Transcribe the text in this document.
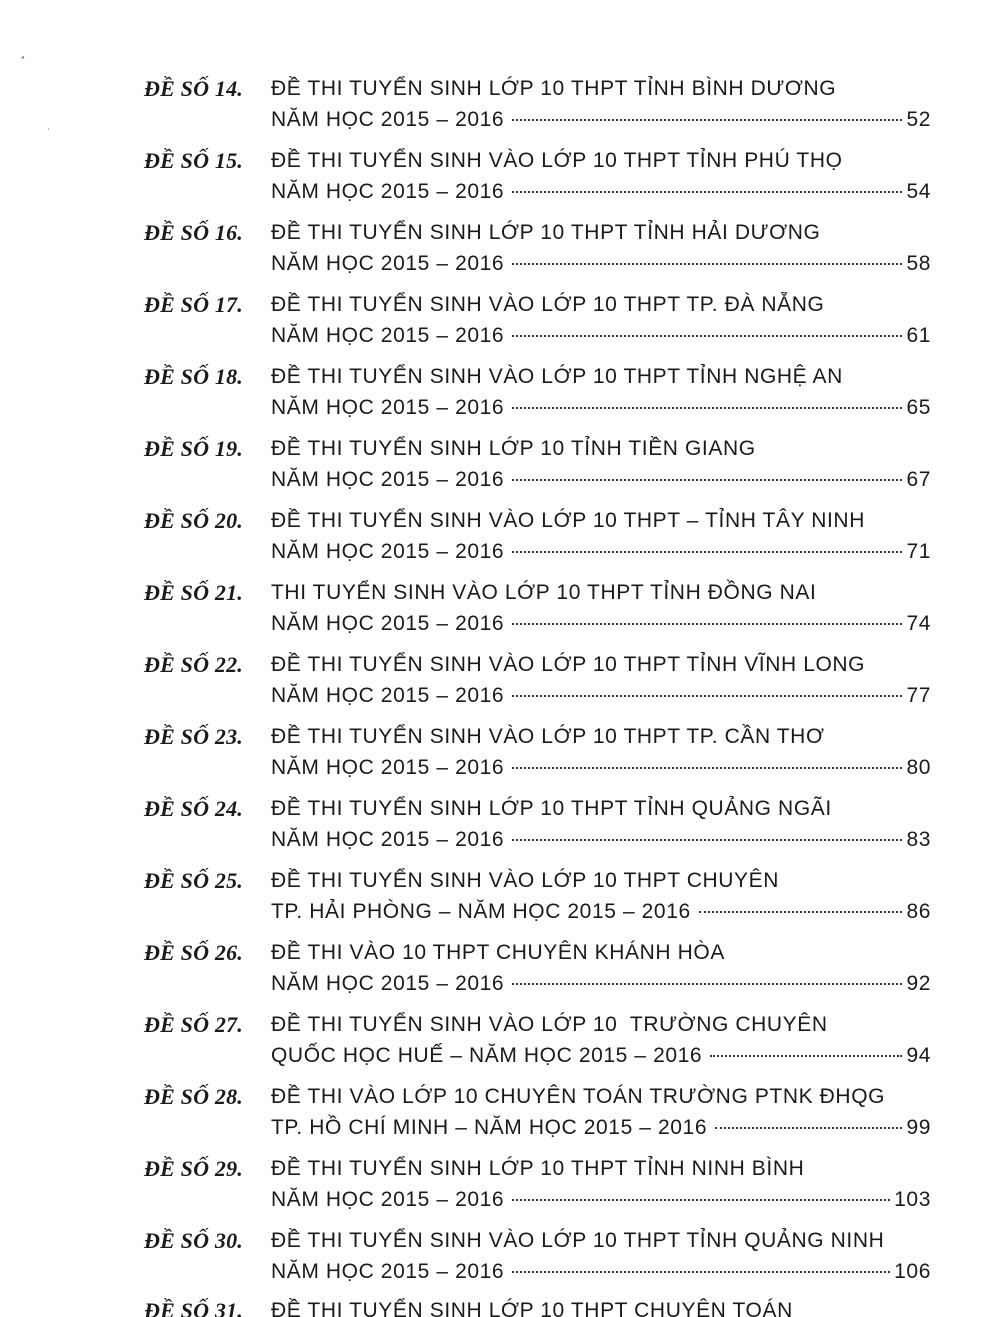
ĐỀ SỐ 14. ĐỀ THI TUYỂN SINH LỚP 10 THPT TỈNH BÌNH DƯƠNG
NĂM HỌC 2015 – 2016	52
ĐỀ SỐ 15. ĐỀ THI TUYỂN SINH VÀO LỚP 10 THPT TỈNH PHÚ THỌ
NĂM HỌC 2015 – 2016	54
ĐỀ SỐ 16. ĐỀ THI TUYỂN SINH LỚP 10 THPT TỈNH HẢI DƯƠNG
NĂM HỌC 2015 – 2016	58
ĐỀ SỐ 17. ĐỀ THI TUYỂN SINH VÀO LỚP 10 THPT TP. ĐÀ NẴNG
NĂM HỌC 2015 – 2016	61
ĐỀ SỐ 18. ĐỀ THI TUYỂN SINH VÀO LỚP 10 THPT TỈNH NGHỆ AN
NĂM HỌC 2015 – 2016	65
ĐỀ SỐ 19. ĐỀ THI TUYỂN SINH LỚP 10 TỈNH TIỀN GIANG
NĂM HỌC 2015 – 2016	67
ĐỀ SỐ 20. ĐỀ THI TUYỂN SINH VÀO LỚP 10 THPT – TỈNH TÂY NINH
NĂM HỌC 2015 – 2016	71
ĐỀ SỐ 21. THI TUYỂN SINH VÀO LỚP 10 THPT TỈNH ĐỒNG NAI
NĂM HỌC 2015 – 2016	74
ĐỀ SỐ 22. ĐỀ THI TUYỂN SINH VÀO LỚP 10 THPT TỈNH VĨNH LONG
NĂM HỌC 2015 – 2016	77
ĐỀ SỐ 23. ĐỀ THI TUYỂN SINH VÀO LỚP 10 THPT TP. CẦN THƠ
NĂM HỌC 2015 – 2016	80
ĐỀ SỐ 24. ĐỀ THI TUYỂN SINH LỚP 10 THPT TỈNH QUẢNG NGÃI
NĂM HỌC 2015 – 2016	83
ĐỀ SỐ 25. ĐỀ THI TUYỂN SINH VÀO LỚP 10 THPT CHUYÊN
TP. HẢI PHÒNG – NĂM HỌC 2015 – 2016	86
ĐỀ SỐ 26. ĐỀ THI VÀO 10 THPT CHUYÊN KHÁNH HÒA
NĂM HỌC 2015 – 2016	92
ĐỀ SỐ 27. ĐỀ THI TUYỂN SINH VÀO LỚP 10  TRƯỜNG CHUYÊN
QUỐC HỌC HUẾ – NĂM HỌC 2015 – 2016	94
ĐỀ SỐ 28. ĐỀ THI VÀO LỚP 10 CHUYÊN TOÁN TRƯỜNG PTNK ĐHQG
TP. HỒ CHÍ MINH – NĂM HỌC 2015 – 2016	99
ĐỀ SỐ 29. ĐỀ THI TUYỂN SINH LỚP 10 THPT TỈNH NINH BÌNH
NĂM HỌC 2015 – 2016	103
ĐỀ SỐ 30. ĐỀ THI TUYỂN SINH VÀO LỚP 10 THPT TỈNH QUẢNG NINH
NĂM HỌC 2015 – 2016	106
ĐỀ SỐ 31. ĐỀ THI TUYỂN SINH LỚP 10 THPT CHUYÊN TOÁN
